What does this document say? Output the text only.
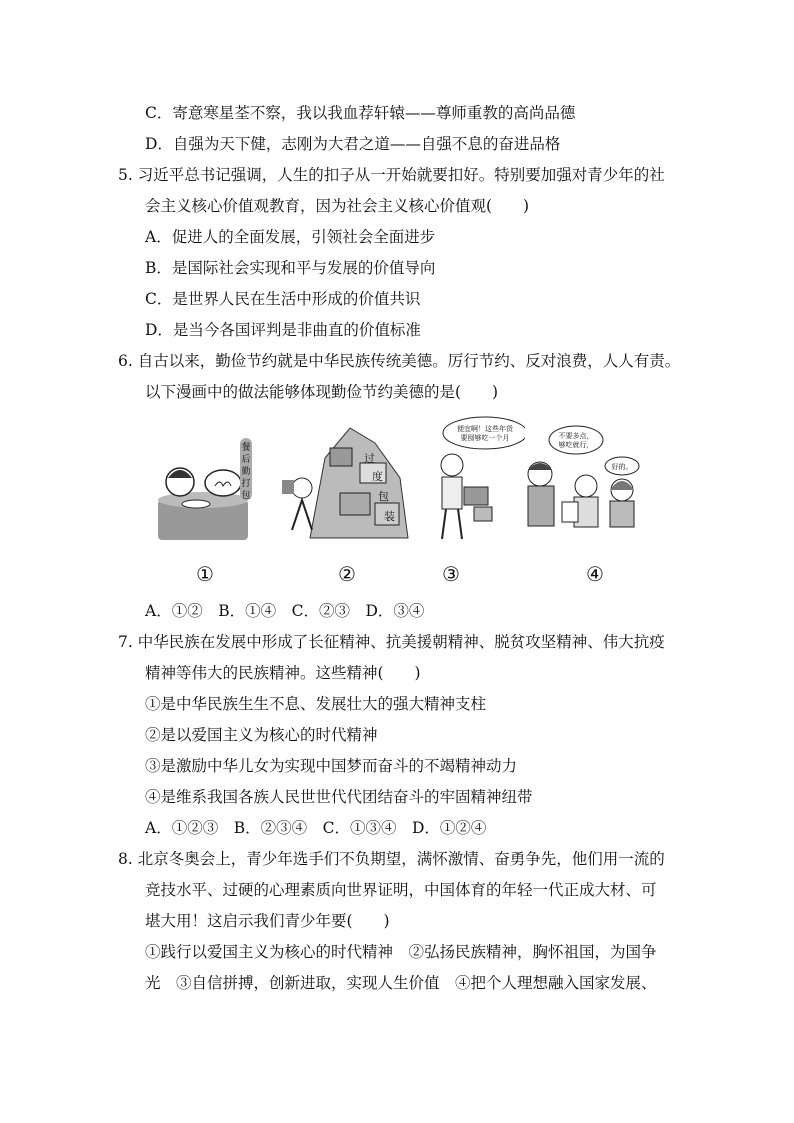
C．寄意寒星荃不察，我以我血荐轩辕——尊师重教的高尚品德
D．自强为天下健，志刚为大君之道——自强不息的奋进品格
5. 习近平总书记强调，人生的扣子从一开始就要扣好。特别要加强对青少年的社
会主义核心价值观教育，因为社会主义核心价值观(　　)
A．促进人的全面发展，引领社会全面进步
B．是国际社会实现和平与发展的价值导向
C．是世界人民在生活中形成的价值共识
D．是当今各国评判是非曲直的价值标准
6. 自古以来，勤俭节约就是中华民族传统美德。厉行节约、反对浪费，人人有责。
以下漫画中的做法能够体现勤俭节约美德的是(　　)
餐
后
勤
打
包
过
度
包
装
便宜啊！这些年货
要囤够吃一个月	不要多点，
够吃就行，
好的。
①	②	③	④
A．①②　B．①④　C．②③　D．③④
7. 中华民族在发展中形成了长征精神、抗美援朝精神、脱贫攻坚精神、伟大抗疫
精神等伟大的民族精神。这些精神(　　)
①是中华民族生生不息、发展壮大的强大精神支柱
②是以爱国主义为核心的时代精神
③是激励中华儿女为实现中国梦而奋斗的不竭精神动力
④是维系我国各族人民世世代代团结奋斗的牢固精神纽带
A．①②③　B．②③④　C．①③④　D．①②④
8. 北京冬奥会上，青少年选手们不负期望，满怀激情、奋勇争先，他们用一流的
竞技水平、过硬的心理素质向世界证明，中国体育的年轻一代正成大材、可
堪大用！这启示我们青少年要(　　)
①践行以爱国主义为核心的时代精神　②弘扬民族精神，胸怀祖国，为国争
光　③自信拼搏，创新进取，实现人生价值　④把个人理想融入国家发展、
